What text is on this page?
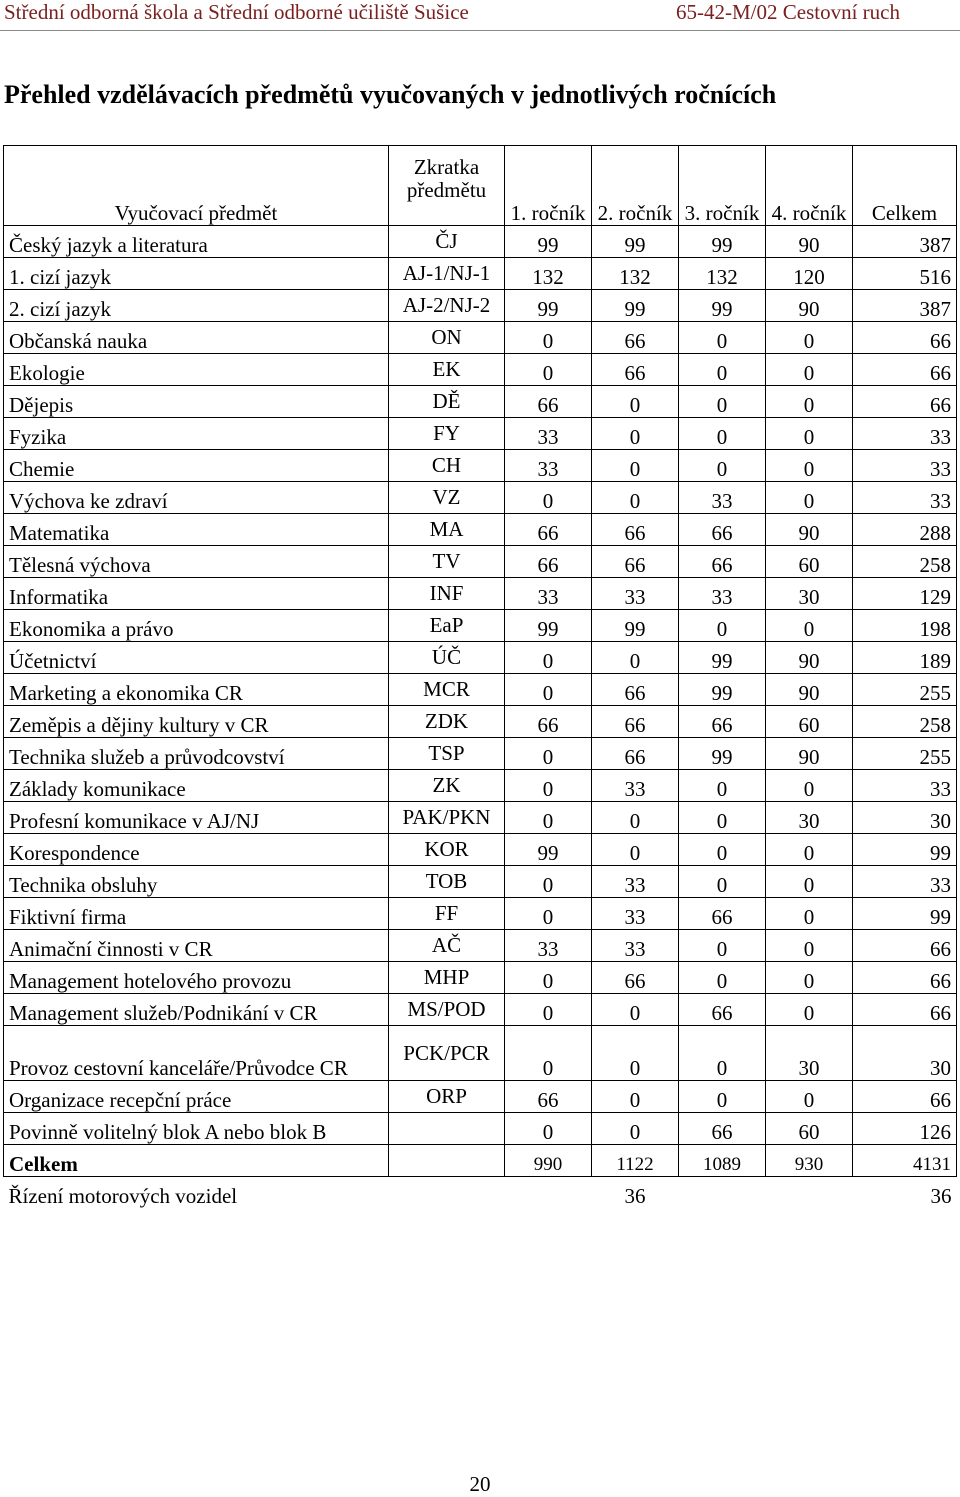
Střední odborná škola a Střední odborné učiliště Sušice	65-42-M/02 Cestovní ruch
Přehled vzdělávacích předmětů vyučovaných v jednotlivých ročnících
Vyučovací předmět	Zkratka předmětu	1. ročník	2. ročník	3. ročník	4. ročník	Celkem
Český jazyk a literatura	ČJ	99	99	99	90	387
1. cizí jazyk	AJ-1/NJ-1	132	132	132	120	516
2. cizí jazyk	AJ-2/NJ-2	99	99	99	90	387
Občanská nauka	ON	0	66	0	0	66
Ekologie	EK	0	66	0	0	66
Dějepis	DĚ	66	0	0	0	66
Fyzika	FY	33	0	0	0	33
Chemie	CH	33	0	0	0	33
Výchova ke zdraví	VZ	0	0	33	0	33
Matematika	MA	66	66	66	90	288
Tělesná výchova	TV	66	66	66	60	258
Informatika	INF	33	33	33	30	129
Ekonomika a právo	EaP	99	99	0	0	198
Účetnictví	ÚČ	0	0	99	90	189
Marketing a ekonomika CR	MCR	0	66	99	90	255
Zeměpis a dějiny kultury v CR	ZDK	66	66	66	60	258
Technika služeb a průvodcovství	TSP	0	66	99	90	255
Základy komunikace	ZK	0	33	0	0	33
Profesní komunikace v AJ/NJ	PAK/PKN	0	0	0	30	30
Korespondence	KOR	99	0	0	0	99
Technika obsluhy	TOB	0	33	0	0	33
Fiktivní firma	FF	0	33	66	0	99
Animační činnosti v CR	AČ	33	33	0	0	66
Management hotelového provozu	MHP	0	66	0	0	66
Management služeb/Podnikání v CR	MS/POD	0	0	66	0	66
Provoz cestovní kanceláře/Průvodce CR	PCK/PCR	0	0	0	30	30
Organizace recepční práce	ORP	66	0	0	0	66
Povinně volitelný blok A nebo blok B		0	0	66	60	126
Celkem		990	1122	1089	930	4131
Řízení motorových vozidel			36			36
20
